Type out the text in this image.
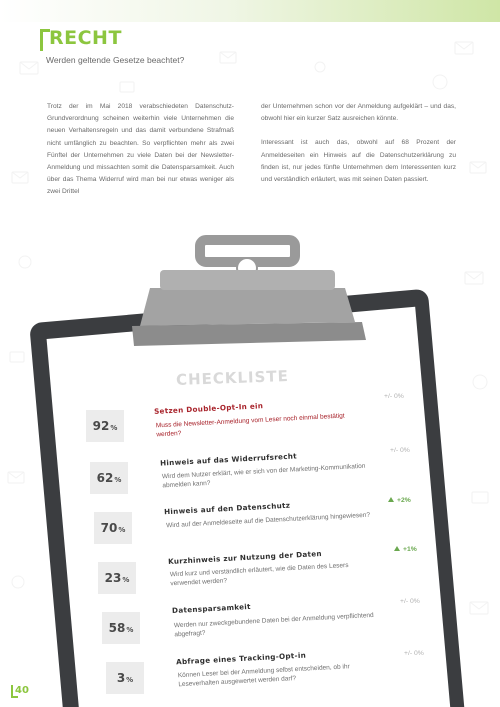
RECHT

Werden geltende Gesetze beachtet?

Trotz der im Mai 2018 verabschiedeten Datenschutz-Grundverordnung scheinen weiterhin viele Unternehmen die neuen Verhaltensregeln und das damit verbundene Strafmaß nicht umfänglich zu beachten. So verpflichten mehr als zwei Fünftel der Unternehmen zu viele Daten bei der Newsletter-Anmeldung und missachten somit die Datensparsamkeit. Auch über das Thema Widerruf wird man bei nur etwas weniger als zwei Drittel

der Unternehmen schon vor der Anmeldung aufgeklärt – und das, obwohl hier ein kurzer Satz ausreichen könnte.

Interessant ist auch das, obwohl auf 68 Prozent der Anmeldeseiten ein Hinweis auf die Datenschutzerklärung zu finden ist, nur jedes fünfte Unternehmen dem Interessenten kurz und verständlich erläutert, was mit seinen Daten passiert.

CHECKLISTE
92 %

Setzen Double-Opt-In ein

Muss die Newsletter-Anmeldung vom Leser noch einmal bestätigt werden?

+/- 0%
62 %

Hinweis auf das Widerrufsrecht

Wird dem Nutzer erklärt, wie er sich von der Marketing-Kommunikation abmelden kann?

+/- 0%
70 %

Hinweis auf den Datenschutz

Wird auf der Anmeldeseite auf die Datenschutzerklärung hingewiesen?

+2%
23 %

Kurzhinweis zur Nutzung der Daten

Wird kurz und verständlich erläutert, wie die Daten des Lesers verwendet werden?

+1%
58 %

Datensparsamkeit

Werden nur zweckgebundene Daten bei der Anmeldung verpflichtend abgefragt?

+/- 0%
3 %

Abfrage eines Tracking-Opt-in

Können Leser bei der Anmeldung selbst entscheiden, ob ihr Leseverhalten ausgewertet werden darf?

+/- 0%
40
